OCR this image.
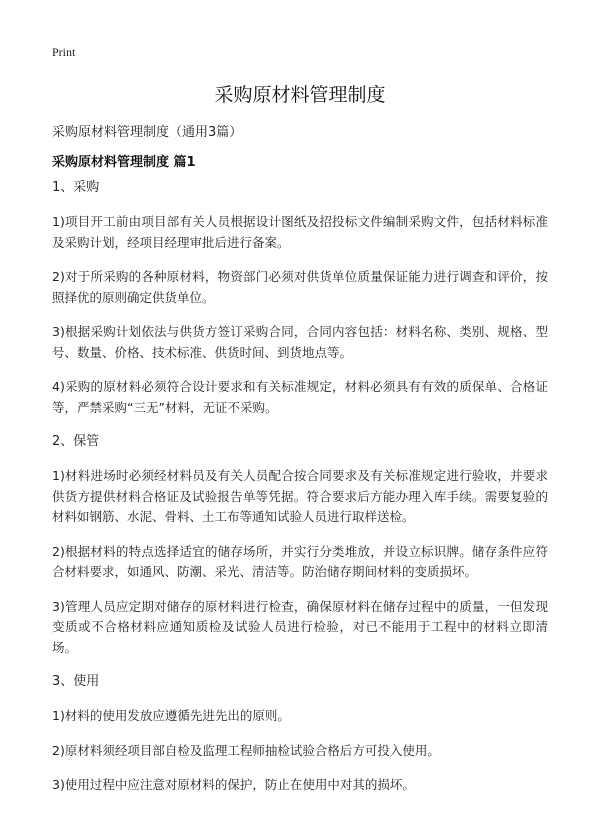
Print
采购原材料管理制度
采购原材料管理制度（通用3篇）
采购原材料管理制度 篇1
1、采购

1)项目开工前由项目部有关人员根据设计图纸及招投标文件编制采购文件，包括材料标准及采购计划，经项目经理审批后进行备案。

2)对于所采购的各种原材料，物资部门必须对供货单位质量保证能力进行调查和评价，按照择优的原则确定供货单位。

3)根据采购计划依法与供货方签订采购合同，合同内容包括：材料名称、类别、规格、型号、数量、价格、技术标准、供货时间、到货地点等。

4)采购的原材料必须符合设计要求和有关标准规定，材料必须具有有效的质保单、合格证等，严禁采购“三无”材料，无证不采购。

2、保管

1)材料进场时必须经材料员及有关人员配合按合同要求及有关标准规定进行验收，并要求供货方提供材料合格证及试验报告单等凭据。符合要求后方能办理入库手续。需要复验的材料如钢筋、水泥、骨料、土工布等通知试验人员进行取样送检。

2)根据材料的特点选择适宜的储存场所，并实行分类堆放，并设立标识牌。储存条件应符合材料要求，如通风、防潮、采光、清洁等。防治储存期间材料的变质损坏。

3)管理人员应定期对储存的原材料进行检查，确保原材料在储存过程中的质量，一但发现变质或不合格材料应通知质检及试验人员进行检验，对已不能用于工程中的材料立即清场。

3、使用

1)材料的使用发放应遵循先进先出的原则。

2)原材料须经项目部自检及监理工程师抽检试验合格后方可投入使用。

3)使用过程中应注意对原材料的保护，防止在使用中对其的损坏。
